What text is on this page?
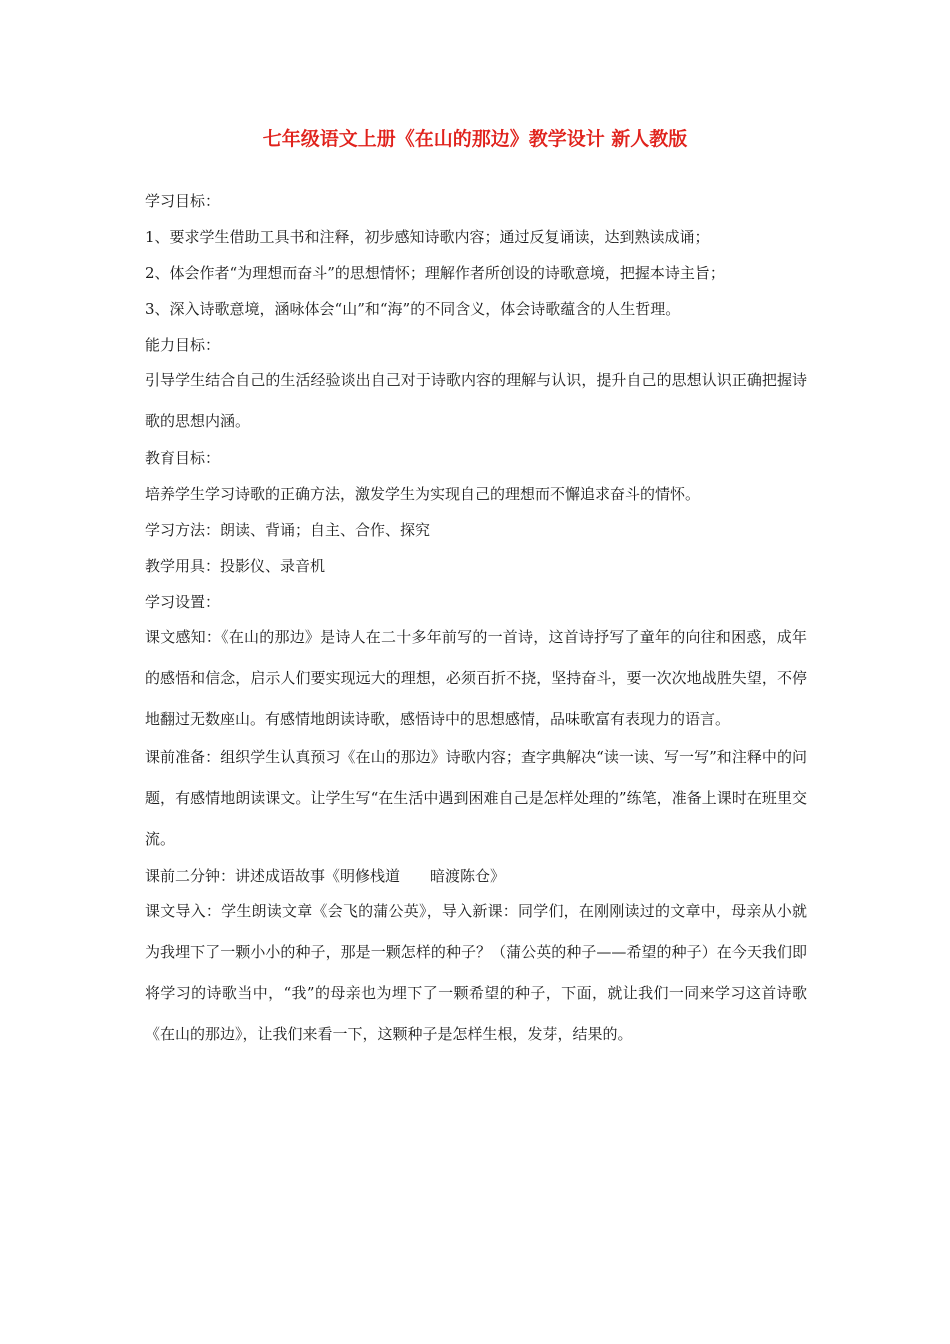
七年级语文上册《在山的那边》教学设计 新人教版

学习目标：

1、要求学生借助工具书和注释，初步感知诗歌内容；通过反复诵读，达到熟读成诵；

2、体会作者“为理想而奋斗”的思想情怀；理解作者所创设的诗歌意境，把握本诗主旨；

3、深入诗歌意境，涵咏体会“山”和“海”的不同含义，体会诗歌蕴含的人生哲理。

能力目标：

引导学生结合自己的生活经验谈出自己对于诗歌内容的理解与认识，提升自己的思想认识正确把握诗歌的思想内涵。

教育目标：

培养学生学习诗歌的正确方法，激发学生为实现自己的理想而不懈追求奋斗的情怀。

学习方法：朗读、背诵；自主、合作、探究

教学用具：投影仪、录音机

学习设置：

课文感知：《在山的那边》是诗人在二十多年前写的一首诗，这首诗抒写了童年的向往和困惑，成年的感悟和信念，启示人们要实现远大的理想，必须百折不挠，坚持奋斗，要一次次地战胜失望，不停地翻过无数座山。有感情地朗读诗歌，感悟诗中的思想感情，品味歌富有表现力的语言。

课前准备：组织学生认真预习《在山的那边》诗歌内容；查字典解决“读一读、写一写”和注释中的问题，有感情地朗读课文。让学生写“在生活中遇到困难自己是怎样处理的”练笔，准备上课时在班里交流。

课前二分钟：讲述成语故事《明修栈道　　暗渡陈仓》

课文导入：学生朗读文章《会飞的蒲公英》，导入新课：同学们，在刚刚读过的文章中，母亲从小就为我埋下了一颗小小的种子，那是一颗怎样的种子？（蒲公英的种子——希望的种子）在今天我们即将学习的诗歌当中，“我”的母亲也为埋下了一颗希望的种子，下面，就让我们一同来学习这首诗歌《在山的那边》，让我们来看一下，这颗种子是怎样生根，发芽，结果的。
